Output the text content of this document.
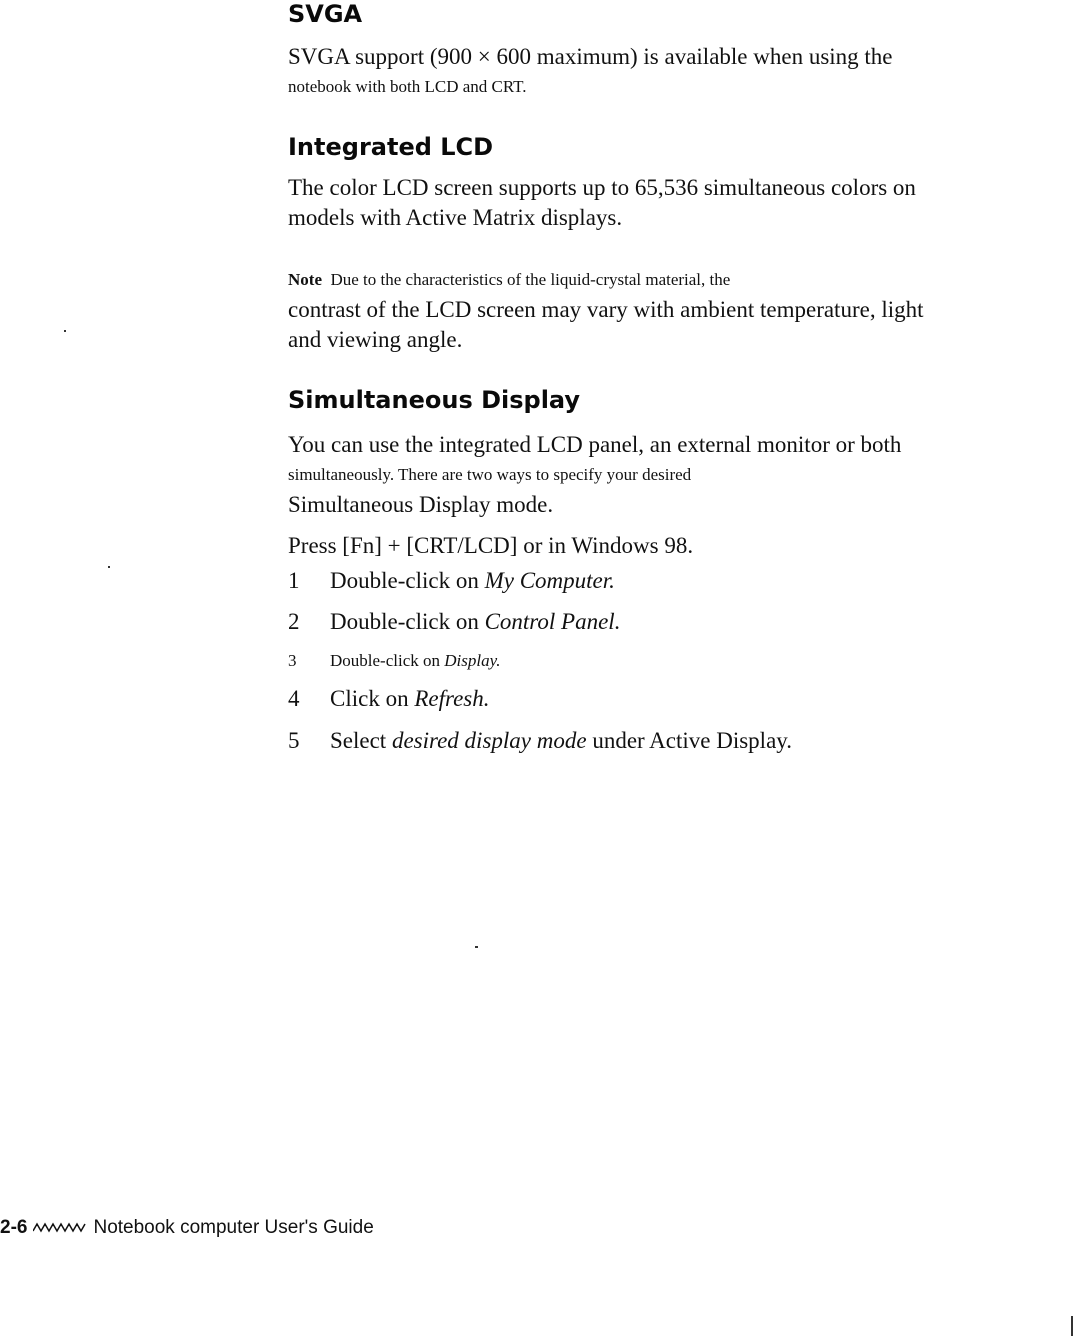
SVGA

SVGA support (900 × 600 maximum) is available when using the
notebook with both LCD and CRT.

Integrated LCD

The color LCD screen supports up to 65,536 simultaneous colors on
models with Active Matrix displays.

Note Due to the characteristics of the liquid-crystal material, the
contrast of the LCD screen may vary with ambient temperature, light
and viewing angle.

Simultaneous Display

You can use the integrated LCD panel, an external monitor or both
simultaneously. There are two ways to specify your desired
Simultaneous Display mode.

Press [Fn] + [CRT/LCD] or in Windows 98.

1 Double-click on My Computer.

2 Double-click on Control Panel.

3 Double-click on Display.

4 Click on Refresh.

5 Select desired display mode under Active Display.

2-6	Notebook computer User's Guide
